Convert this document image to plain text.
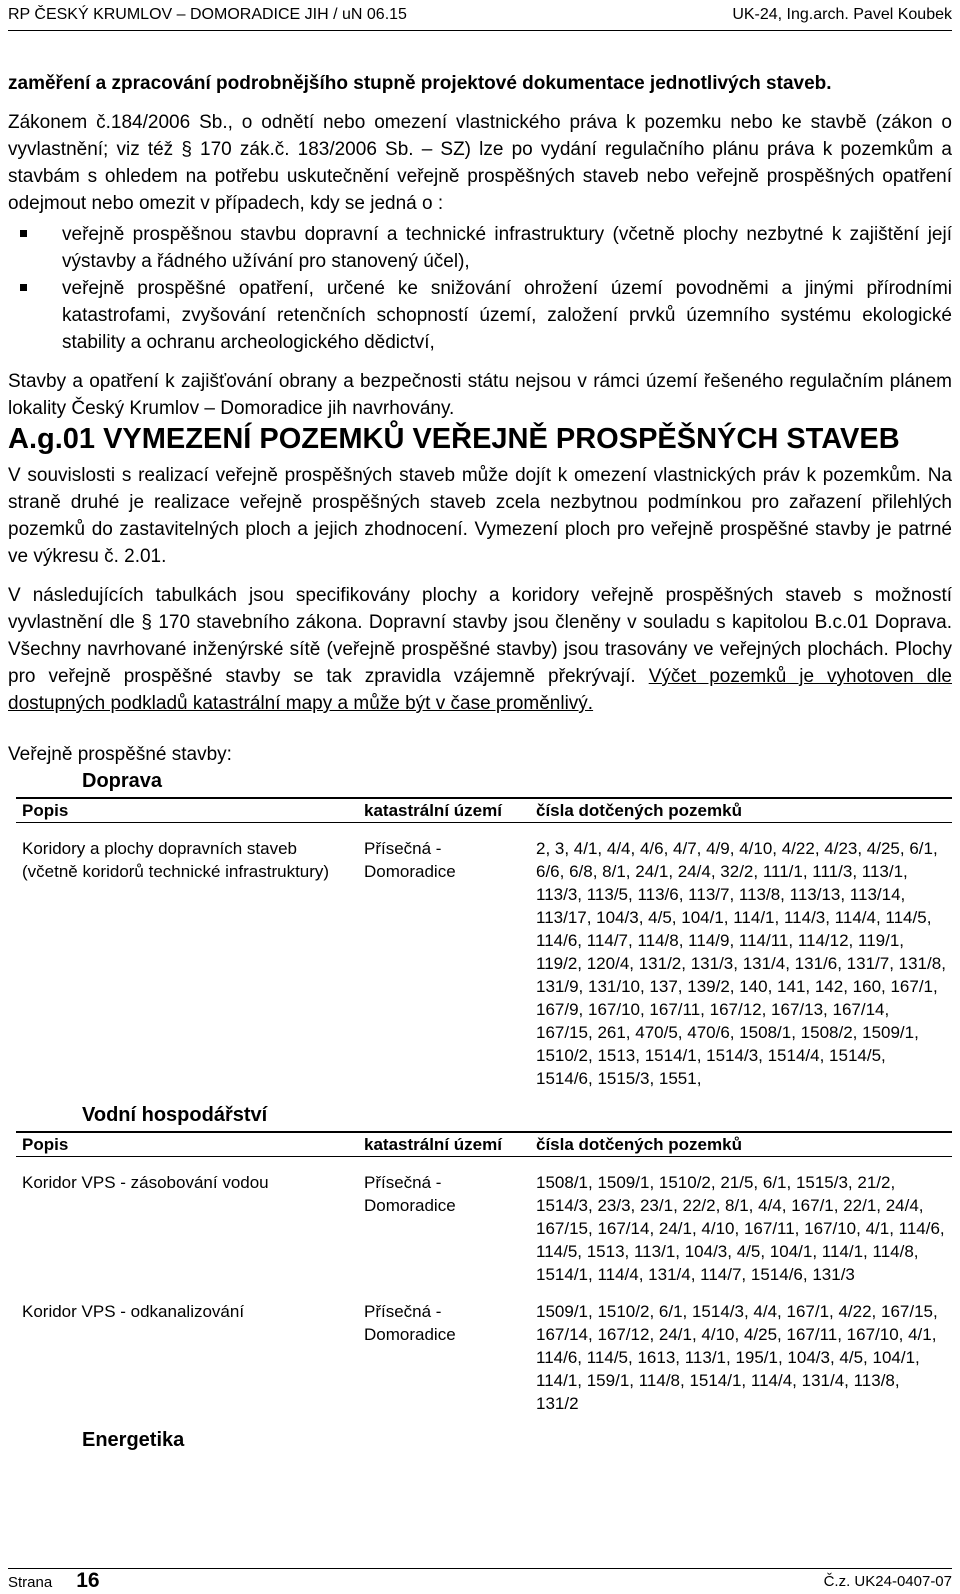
RP ČESKÝ KRUMLOV – DOMORADICE JIH / uN 06.15	UK-24, Ing.arch. Pavel Koubek

zaměření a zpracování podrobnějšího stupně projektové dokumentace jednotlivých staveb.

Zákonem č.184/2006 Sb., o odnětí nebo omezení vlastnického práva k pozemku nebo ke stavbě (zákon o vyvlastnění; viz též § 170 zák.č. 183/2006 Sb. – SZ) lze po vydání regulačního plánu práva k pozemkům a stavbám s ohledem na potřebu uskutečnění veřejně prospěšných staveb nebo veřejně prospěšných opatření odejmout nebo omezit v případech, kdy se jedná o :

veřejně prospěšnou stavbu dopravní a technické infrastruktury (včetně plochy nezbytné k zajištění její výstavby a řádného užívání pro stanovený účel),
veřejně prospěšné opatření, určené ke snižování ohrožení území povodněmi a jinými přírodními katastrofami, zvyšování retenčních schopností území, založení prvků územního systému ekologické stability a ochranu archeologického dědictví,

Stavby a opatření k zajišťování obrany a bezpečnosti státu nejsou v rámci území řešeného regulačním plánem lokality Český Krumlov – Domoradice jih navrhovány.

A.g.01 VYMEZENÍ POZEMKŮ VEŘEJNĚ PROSPĚŠNÝCH STAVEB

V souvislosti s realizací veřejně prospěšných staveb může dojít k omezení vlastnických práv k pozemkům. Na straně druhé je realizace veřejně prospěšných staveb zcela nezbytnou podmínkou pro zařazení přilehlých pozemků do zastavitelných ploch a jejich zhodnocení. Vymezení ploch pro veřejně prospěšné stavby je patrné ve výkresu č. 2.01.

V následujících tabulkách jsou specifikovány plochy a koridory veřejně prospěšných staveb s možností vyvlastnění dle § 170 stavebního zákona. Dopravní stavby jsou členěny v souladu s kapitolou B.c.01 Doprava. Všechny navrhované inženýrské sítě (veřejně prospěšné stavby) jsou trasovány ve veřejných plochách. Plochy pro veřejně prospěšné stavby se tak zpravidla vzájemně překrývají. Výčet pozemků je vyhotoven dle dostupných podkladů katastrální mapy a může být v čase proměnlivý.

Veřejně prospěšné stavby:

Doprava
Popis	katastrální území	čísla dotčených pozemků

Koridory a plochy dopravních staveb (včetně koridorů technické infrastruktury)	Přísečná - Domoradice	2, 3, 4/1, 4/4, 4/6, 4/7, 4/9, 4/10, 4/22, 4/23, 4/25, 6/1, 6/6, 6/8, 8/1, 24/1, 24/4, 32/2, 111/1, 111/3, 113/1, 113/3, 113/5, 113/6, 113/7, 113/8, 113/13, 113/14, 113/17, 104/3, 4/5, 104/1, 114/1, 114/3, 114/4, 114/5, 114/6, 114/7, 114/8, 114/9, 114/11, 114/12, 119/1, 119/2, 120/4, 131/2, 131/3, 131/4, 131/6, 131/7, 131/8, 131/9, 131/10, 137, 139/2, 140, 141, 142, 160, 167/1, 167/9, 167/10, 167/11, 167/12, 167/13, 167/14, 167/15, 261, 470/5, 470/6, 1508/1, 1508/2, 1509/1, 1510/2, 1513, 1514/1, 1514/3, 1514/4, 1514/5, 1514/6, 1515/3, 1551,
Vodní hospodářství
Popis	katastrální území	čísla dotčených pozemků

Koridor VPS - zásobování vodou	Přísečná - Domoradice	1508/1, 1509/1, 1510/2, 21/5, 6/1, 1515/3, 21/2, 1514/3, 23/3, 23/1, 22/2, 8/1, 4/4, 167/1, 22/1, 24/4, 167/15, 167/14, 24/1, 4/10, 167/11, 167/10, 4/1, 114/6, 114/5, 1513, 113/1, 104/3, 4/5, 104/1, 114/1, 114/8, 1514/1, 114/4, 131/4, 114/7, 1514/6, 131/3

Koridor VPS - odkanalizování	Přísečná - Domoradice	1509/1, 1510/2, 6/1, 1514/3, 4/4, 167/1, 4/22, 167/15, 167/14, 167/12, 24/1, 4/10, 4/25, 167/11, 167/10, 4/1, 114/6, 114/5, 1613, 113/1, 195/1, 104/3, 4/5, 104/1, 114/1, 159/1, 114/8, 1514/1, 114/4, 131/4, 113/8, 131/2
Energetika
Strana 16	Č.z. UK24-0407-07
